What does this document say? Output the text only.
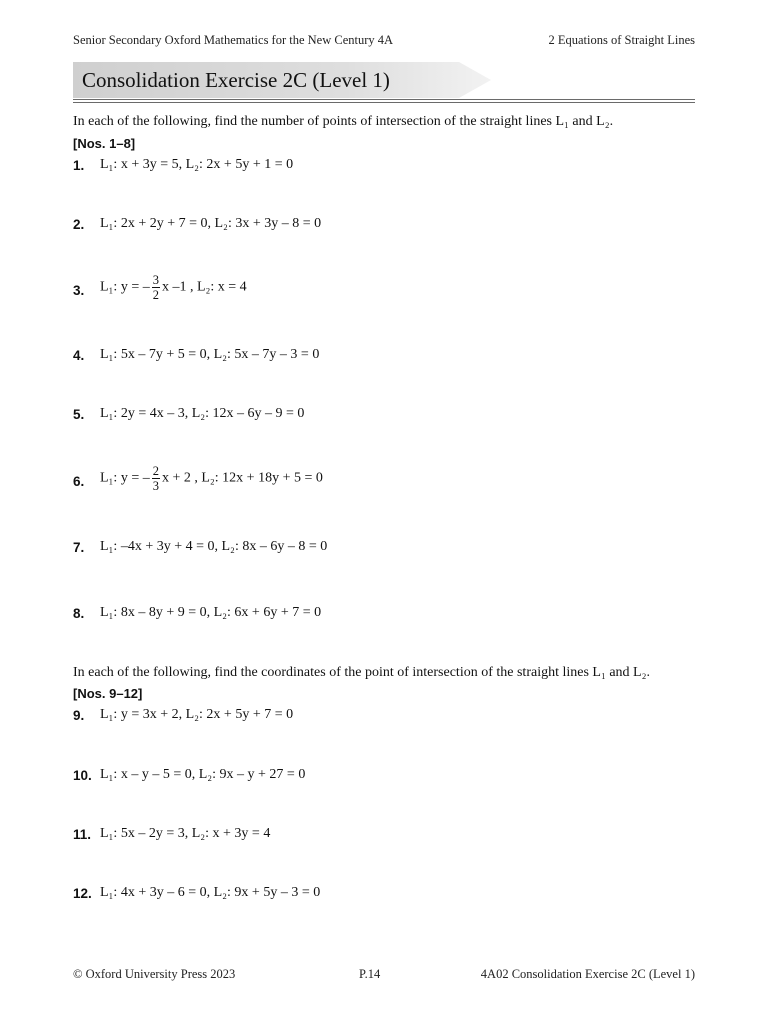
Senior Secondary Oxford Mathematics for the New Century 4A	2 Equations of Straight Lines
Consolidation Exercise 2C (Level 1)
In each of the following, find the number of points of intersection of the straight lines L₁ and L₂.
[Nos. 1–8]
1. L₁: x + 3y = 5, L₂: 2x + 5y + 1 = 0
2. L₁: 2x + 2y + 7 = 0, L₂: 3x + 3y – 8 = 0
3. L₁: y = – $\frac{3}{2}$ x –1 , L₂: x = 4
4. L₁: 5x – 7y + 5 = 0, L₂: 5x – 7y – 3 = 0
5. L₁: 2y = 4x – 3, L₂: 12x – 6y – 9 = 0
6. L₁: y = – $\frac{2}{3}$ x + 2 , L₂: 12x + 18y + 5 = 0
7. L₁: –4x + 3y + 4 = 0, L₂: 8x – 6y – 8 = 0
8. L₁: 8x – 8y + 9 = 0, L₂: 6x + 6y + 7 = 0
In each of the following, find the coordinates of the point of intersection of the straight lines L₁ and L₂.
[Nos. 9–12]
9. L₁: y = 3x + 2, L₂: 2x + 5y + 7 = 0
10. L₁: x – y – 5 = 0, L₂: 9x – y + 27 = 0
11. L₁: 5x – 2y = 3, L₂: x + 3y = 4
12. L₁: 4x + 3y – 6 = 0, L₂: 9x + 5y – 3 = 0
© Oxford University Press 2023	P.14	4A02 Consolidation Exercise 2C (Level 1)
